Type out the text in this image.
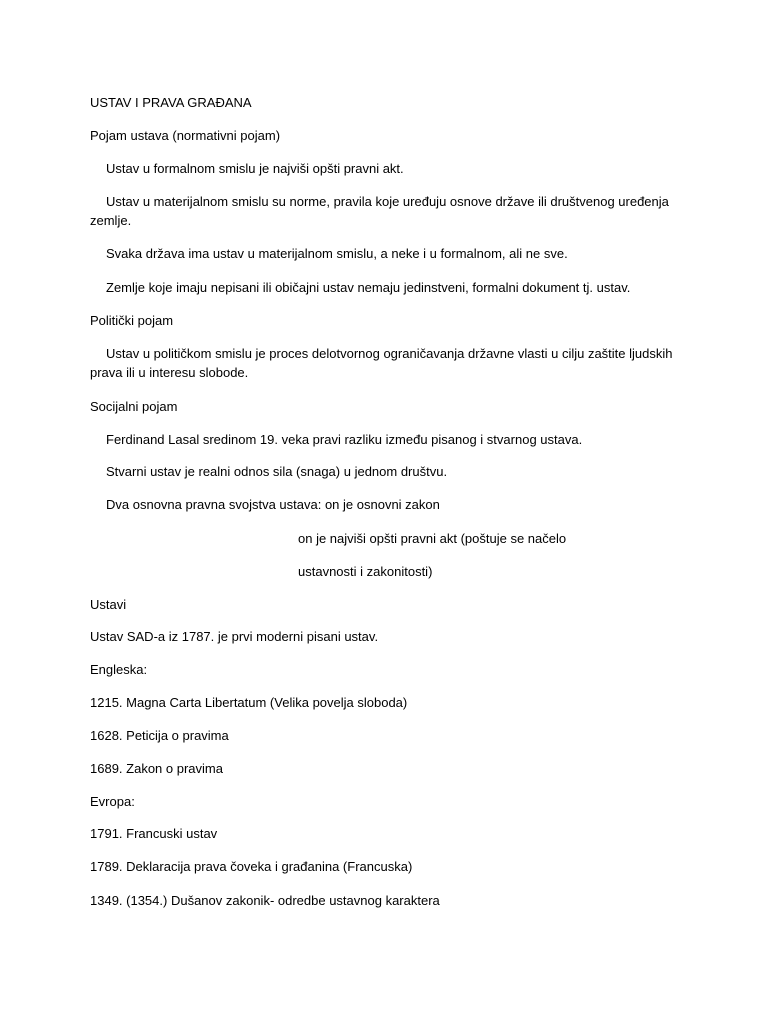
USTAV I PRAVA GRAĐANA
Pojam ustava (normativni pojam)
Ustav u formalnom smislu je najviši opšti pravni akt.
Ustav u materijalnom smislu su norme, pravila koje uređuju osnove države ili društvenog uređenja
zemlje.
Svaka država ima ustav u materijalnom smislu, a neke i u formalnom, ali ne sve.
Zemlje koje imaju nepisani ili običajni ustav nemaju jedinstveni, formalni dokument tj. ustav.
Politički pojam
Ustav u političkom smislu je proces delotvornog ograničavanja državne vlasti u cilju zaštite ljudskih
prava ili u interesu slobode.
Socijalni pojam
Ferdinand Lasal sredinom 19. veka pravi razliku između pisanog i stvarnog ustava.
Stvarni ustav je realni odnos sila (snaga) u jednom društvu.
Dva osnovna pravna svojstva ustava: on je osnovni zakon
on je najviši opšti pravni akt (poštuje se načelo
ustavnosti i zakonitosti)
Ustavi
Ustav SAD-a iz 1787. je prvi moderni pisani ustav.
Engleska:
1215. Magna Carta Libertatum (Velika povelja sloboda)
1628. Peticija o pravima
1689. Zakon o pravima
Evropa:
1791. Francuski ustav
1789. Deklaracija prava čoveka i građanina (Francuska)
1349. (1354.) Dušanov zakonik- odredbe ustavnog karaktera
